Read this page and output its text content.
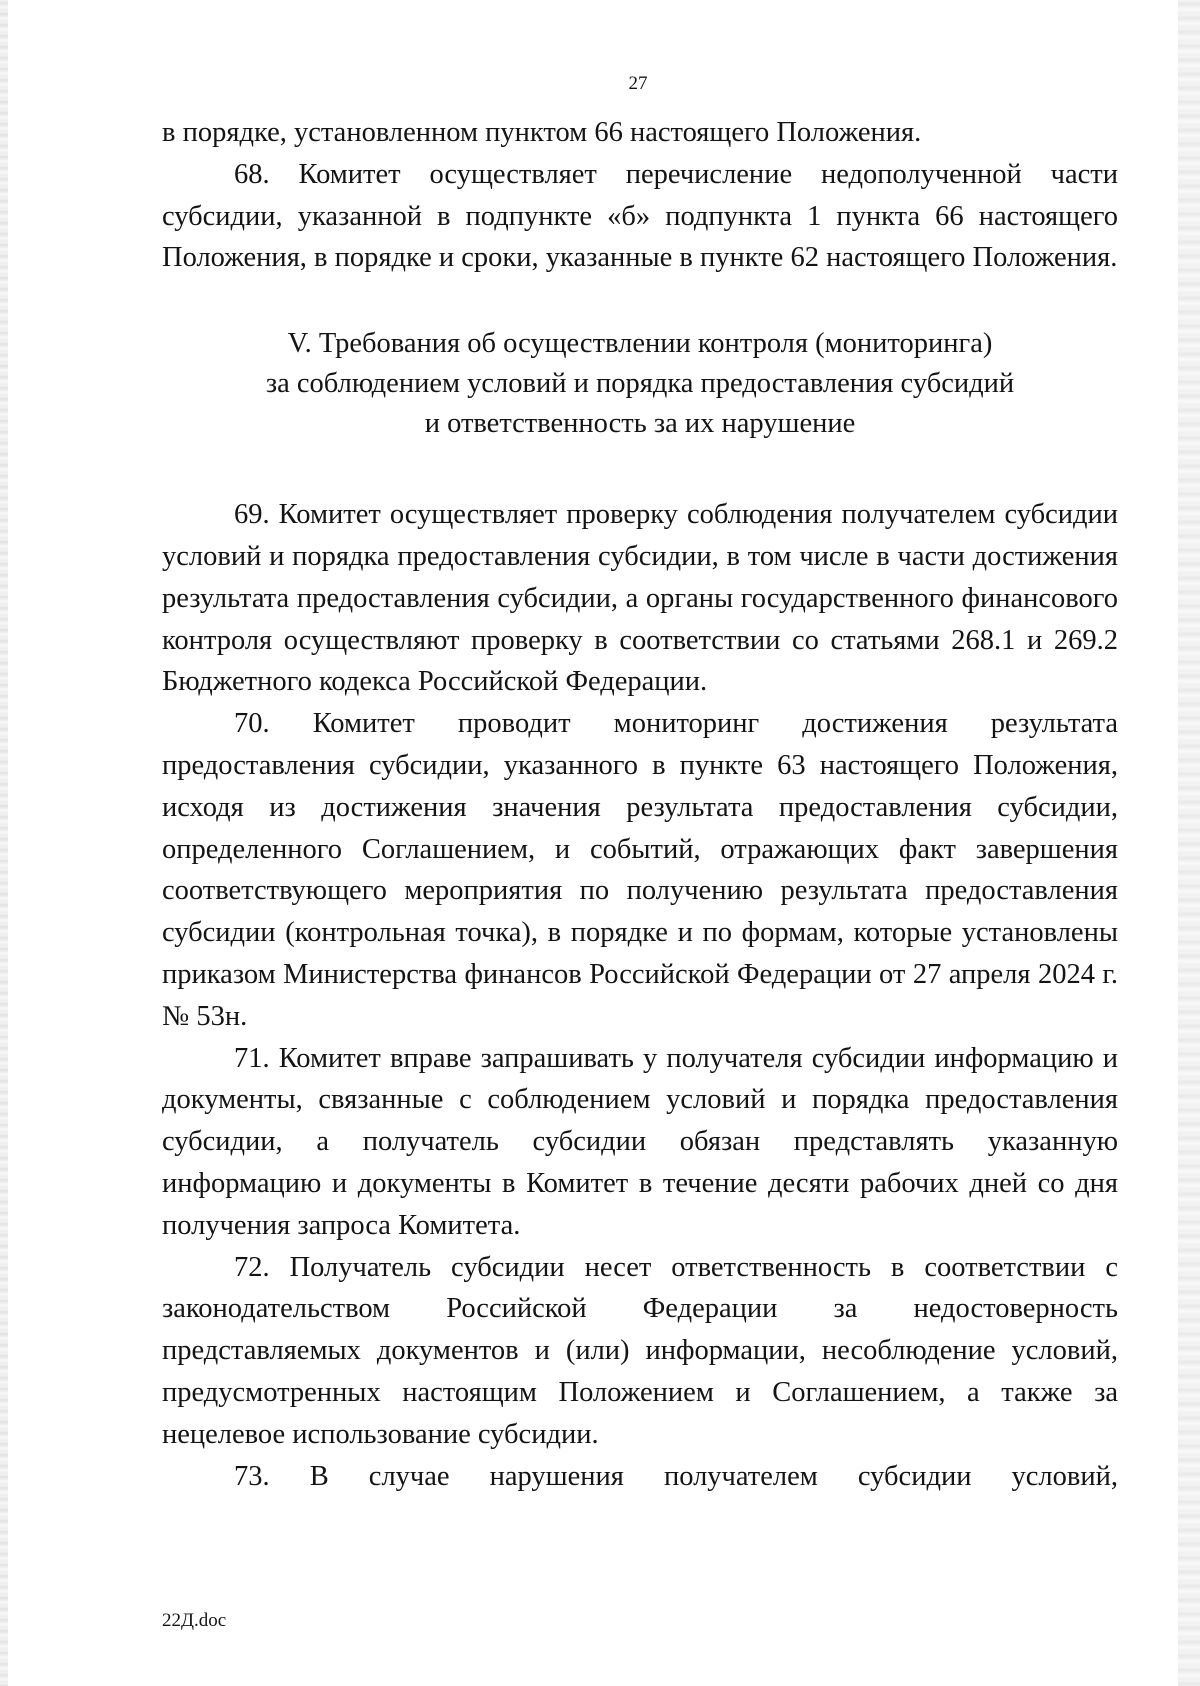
27

в порядке, установленном пунктом 66 настоящего Положения.

68. Комитет осуществляет перечисление недополученной части субсидии, указанной в подпункте «б» подпункта 1 пункта 66 настоящего Положения, в порядке и сроки, указанные в пункте 62 настоящего Положения.

V. Требования об осуществлении контроля (мониторинга)
за соблюдением условий и порядка предоставления субсидий
и ответственность за их нарушение

69. Комитет осуществляет проверку соблюдения получателем субсидии условий и порядка предоставления субсидии, в том числе в части достижения результата предоставления субсидии, а органы государственного финансового контроля осуществляют проверку в соответствии со статьями 268.1 и 269.2 Бюджетного кодекса Российской Федерации.

70. Комитет проводит мониторинг достижения результата предоставления субсидии, указанного в пункте 63 настоящего Положения, исходя из достижения значения результата предоставления субсидии, определенного Соглашением, и событий, отражающих факт завершения соответствующего мероприятия по получению результата предоставления субсидии (контрольная точка), в порядке и по формам, которые установлены приказом Министерства финансов Российской Федерации от 27 апреля 2024 г. № 53н.

71. Комитет вправе запрашивать у получателя субсидии информацию и документы, связанные с соблюдением условий и порядка предоставления субсидии, а получатель субсидии обязан представлять указанную информацию и документы в Комитет в течение десяти рабочих дней со дня получения запроса Комитета.

72. Получатель субсидии несет ответственность в соответствии с законодательством Российской Федерации за недостоверность представляемых документов и (или) информации, несоблюдение условий, предусмотренных настоящим Положением и Соглашением, а также за нецелевое использование субсидии.

73. В случае нарушения получателем субсидии условий,

22Д.doc
